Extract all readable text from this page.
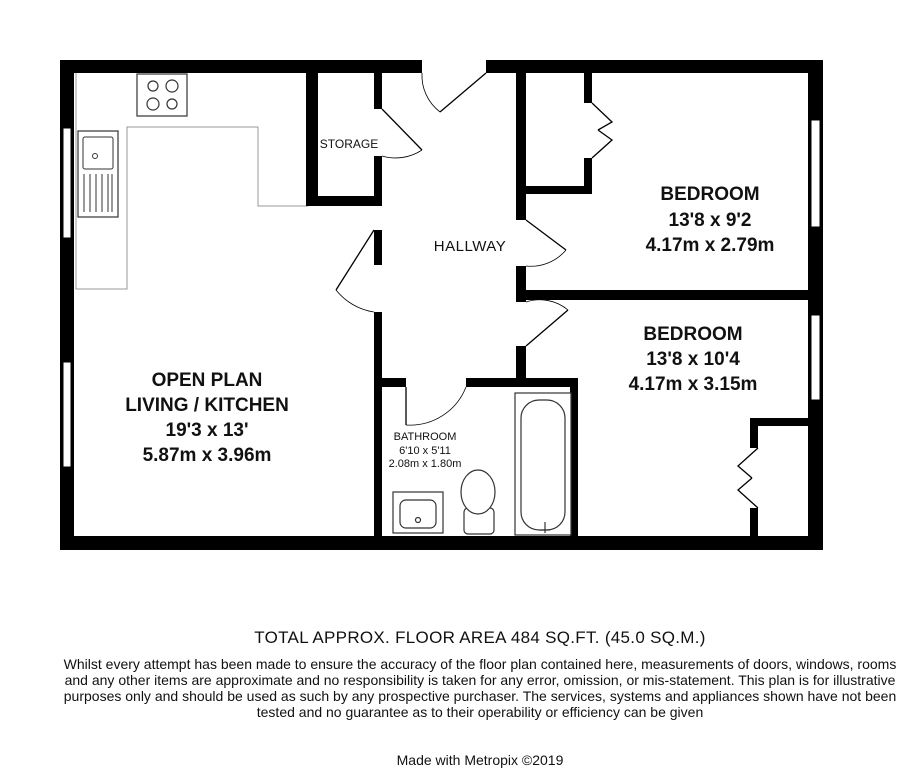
OPEN PLAN
LIVING / KITCHEN
19'3 x 13'
5.87m x 3.96m
BEDROOM
13'8 x 9'2
4.17m x 2.79m
BEDROOM
13'8 x 10'4
4.17m x 3.15m
BATHROOM
6'10 x 5'11
2.08m x 1.80m
STORAGE
HALLWAY
TOTAL APPROX. FLOOR AREA 484 SQ.FT. (45.0 SQ.M.)
Whilst every attempt has been made to ensure the accuracy of the floor plan contained here, measurements of doors, windows, rooms and any other items are approximate and no responsibility is taken for any error, omission, or mis-statement. This plan is for illustrative purposes only and should be used as such by any prospective purchaser. The services, systems and appliances shown have not been tested and no guarantee as to their operability or efficiency can be given
Made with Metropix ©2019
